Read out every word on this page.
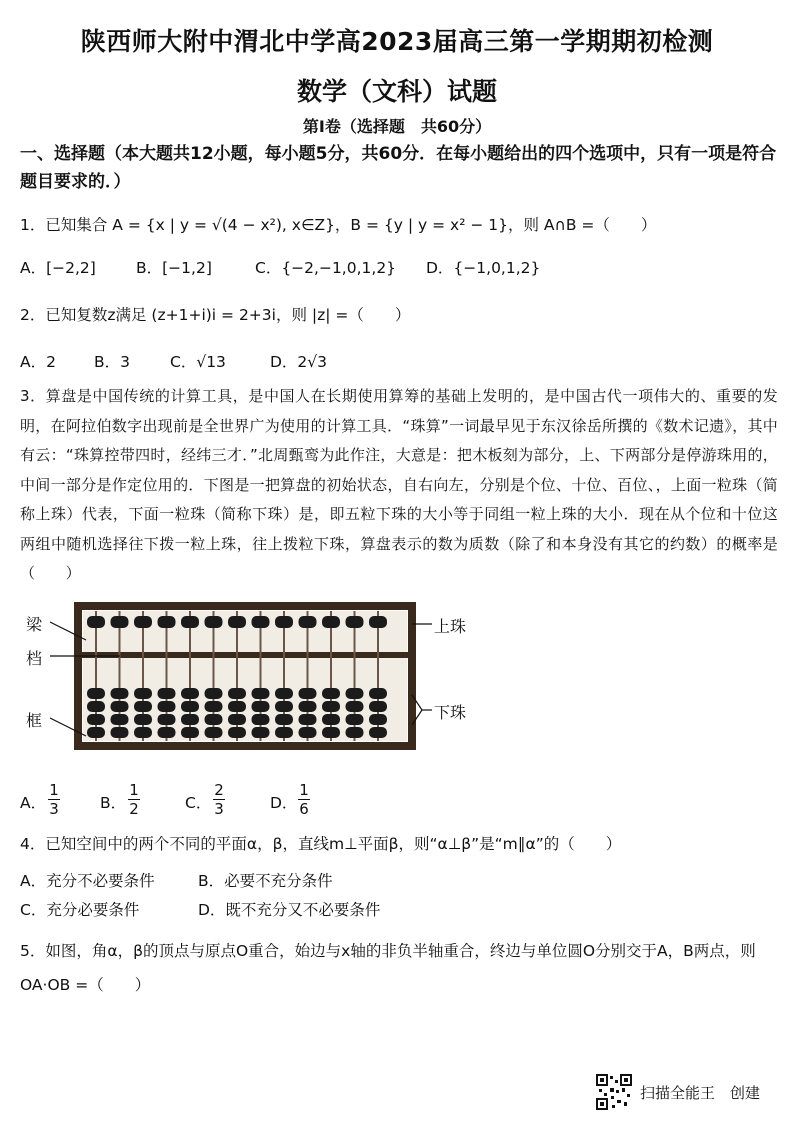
陕西师大附中渭北中学高2023届高三第一学期期初检测
数学（文科）试题
第Ⅰ卷（选择题　共60分）
一、选择题（本大题共12小题，每小题5分，共60分．在每小题给出的四个选项中，只有一项是符合题目要求的．）
1．已知集合 A = {x | y = √(4 − x²), x∈Z}，B = {y | y = x² − 1}，则 A∩B =（　　）
A．[−2,2]	B．[−1,2]	C．{−2,−1,0,1,2} D．{−1,0,1,2}
2．已知复数z满足 (z+1+i)i = 2+3i，则 |z| =（　　）
A．2 B．3	C．√13	D．2√3
3．算盘是中国传统的计算工具，是中国人在长期使用算筹的基础上发明的，是中国古代一项伟大的、重要的发明，在阿拉伯数字出现前是全世界广为使用的计算工具．“珠算”一词最早见于东汉徐岳所撰的《数术记遗》，其中有云：“珠算控带四时，经纬三才．”北周甄鸾为此作注，大意是：把木板刻为部分，上、下两部分是停游珠用的，中间一部分是作定位用的．下图是一把算盘的初始状态，自右向左，分别是个位、十位、百位、，上面一粒珠（简称上珠）代表，下面一粒珠（简称下珠）是，即五粒下珠的大小等于同组一粒上珠的大小．现在从个位和十位这两组中随机选择往下拨一粒上珠，往上拨粒下珠，算盘表示的数为质数（除了和本身没有其它的约数）的概率是（　　）
梁
档
框
上珠
下珠
A．
1
3	B．
1
2	C．
2
3	D．
1
6
4．已知空间中的两个不同的平面α，β，直线m⊥平面β，则“α⊥β”是“m∥α”的（　　）
A．充分不必要条件	B．必要不充分条件
C．充分必要条件	D．既不充分又不必要条件
5．如图，角α，β的顶点与原点O重合，始边与x轴的非负半轴重合，终边与单位圆O分别交于A，B两点，则
OA·OB =（　　）
扫描全能王　创建
